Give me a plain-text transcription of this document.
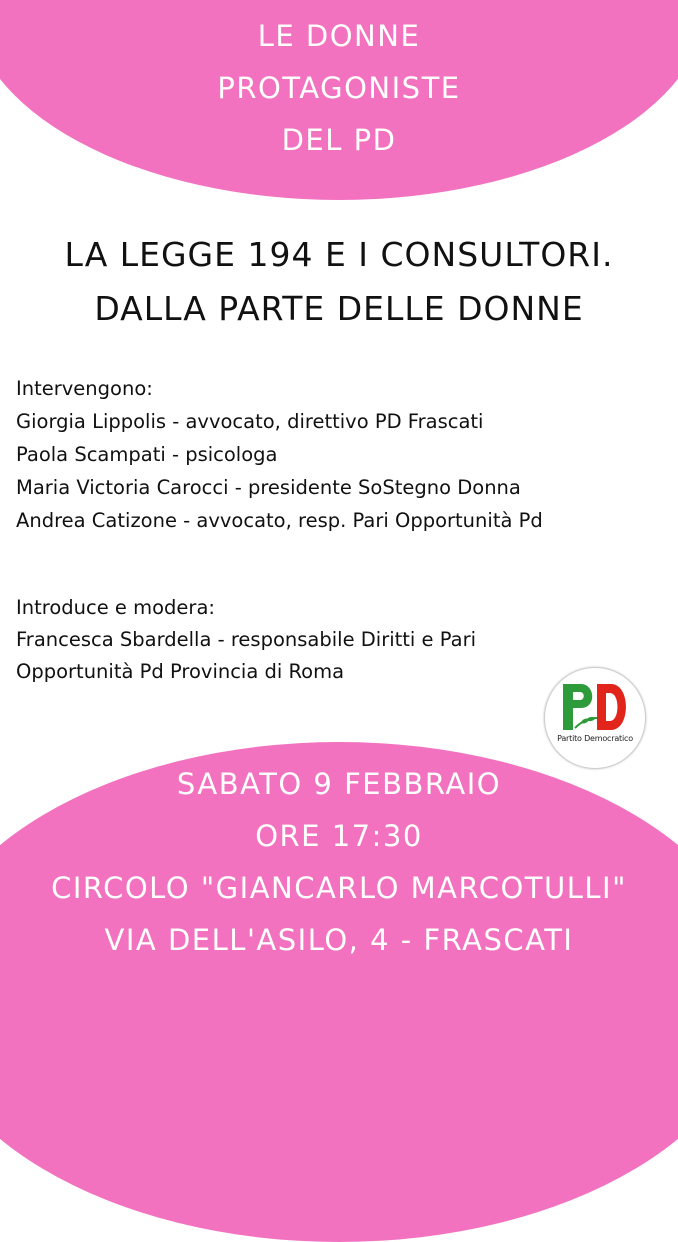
LE DONNE
PROTAGONISTE
DEL PD
LA LEGGE 194 E I CONSULTORI.
DALLA PARTE DELLE DONNE
Intervengono:
Giorgia Lippolis - avvocato, direttivo PD Frascati
Paola Scampati - psicologa
Maria Victoria Carocci - presidente SoStegno Donna
Andrea Catizone - avvocato, resp. Pari Opportunità Pd
Introduce e modera:
Francesca Sbardella - responsabile Diritti e Pari
Opportunità Pd Provincia di Roma
Partito Democratico
SABATO 9 FEBBRAIO
ORE 17:30
CIRCOLO "GIANCARLO MARCOTULLI"
VIA DELL'ASILO, 4 - FRASCATI
